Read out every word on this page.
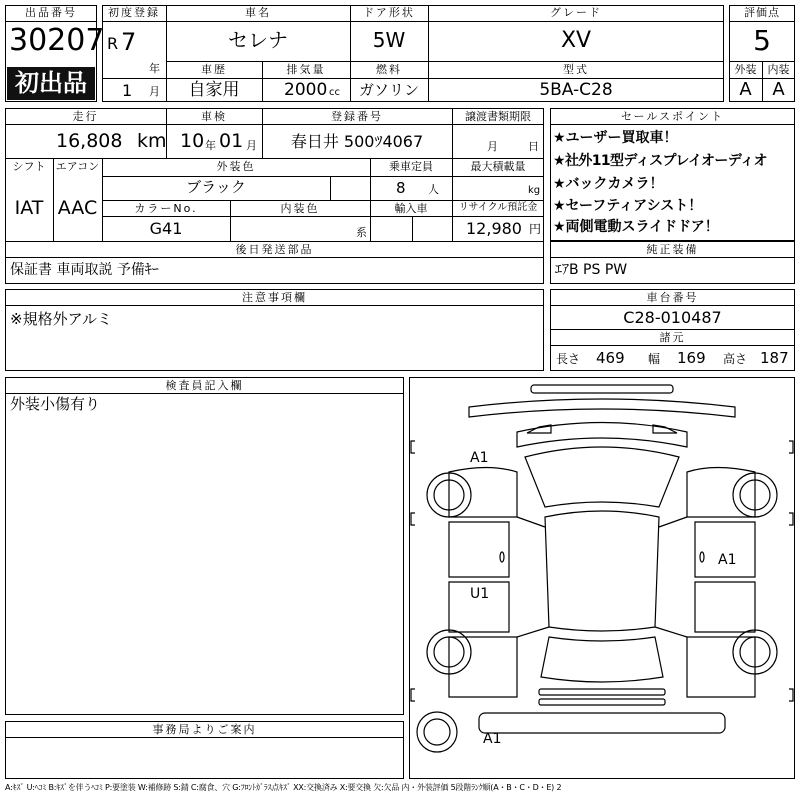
出品番号
30207
初出品
初度登録
R 7
年
1 月
車名
セレナ
ドア形状
5W
グレード
XV
車歴
自家用
排気量
2000 cc
燃料
ガソリン
型式
5BA-C28
評価点
5
外装	内装
A	A
走行
16,808 km
車検
10 年 01 月
登録番号
春日井 500ﾂ4067
譲渡書類期限
月	日
シフト
IAT
エアコン
AAC
外装色
ブラック
乗車定員
8 人
最大積載量
kg
カラーNo.
G41
内装色
系
輸入車	リサイクル預託金
12,980 円
後日発送部品
保証書 車両取説 予備ｷｰ
セールスポイント
★ユーザー買取車！
★社外11型ディスプレイオーディオ
★バックカメラ！
★セーフティアシスト！
★両側電動スライドドア！
純正装備
ｴｱB PS PW
注意事項欄
※規格外アルミ
車台番号
C28-010487
諸元
長さ 469 幅 169 高さ 187
検査員記入欄
外装小傷有り
事務局よりご案内
A1
A1
U1
A1
A:ｷｽﾞ U:ﾍｺﾐ B:ｷｽﾞを伴うﾍｺﾐ P:要塗装 W:補修跡 S:錆 C:腐食、穴 G:ﾌﾛﾝﾄｶﾞﾗｽ点ｷｽﾞ XX:交換済み X:要交換 欠:欠品 内・外装評価 5段階ﾗﾝｸ順(A・B・C・D・E) 2
